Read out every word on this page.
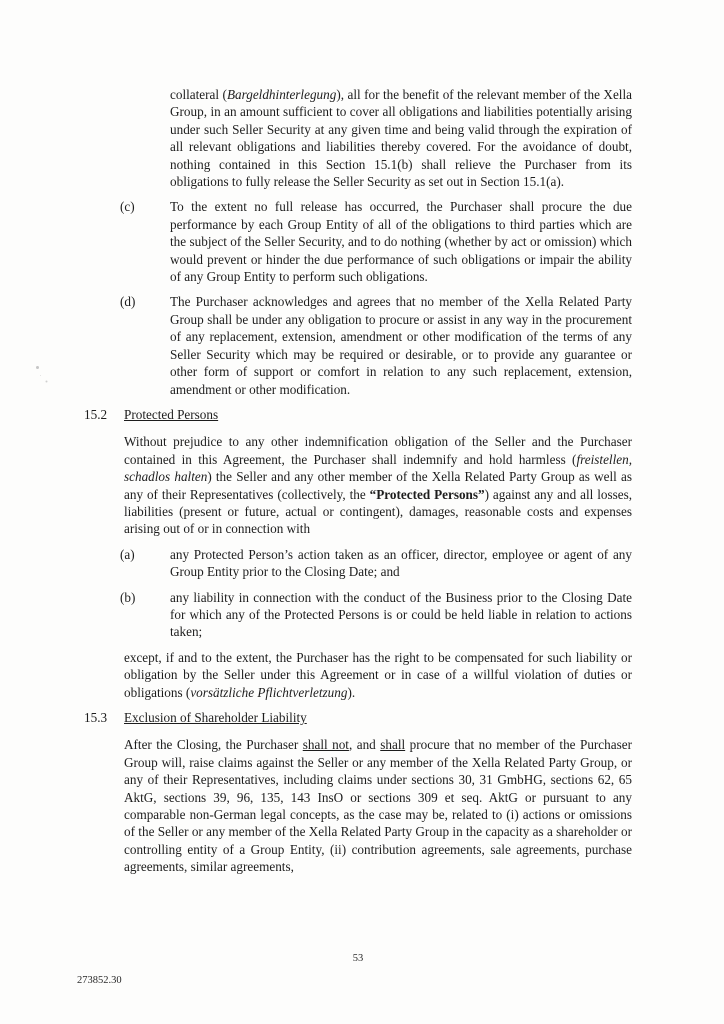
collateral (Bargeldhinterlegung), all for the benefit of the relevant member of the Xella Group, in an amount sufficient to cover all obligations and liabilities potentially arising under such Seller Security at any given time and being valid through the expiration of all relevant obligations and liabilities thereby covered. For the avoidance of doubt, nothing contained in this Section 15.1(b) shall relieve the Purchaser from its obligations to fully release the Seller Security as set out in Section 15.1(a).

(c)	To the extent no full release has occurred, the Purchaser shall procure the due performance by each Group Entity of all of the obligations to third parties which are the subject of the Seller Security, and to do nothing (whether by act or omission) which would prevent or hinder the due performance of such obligations or impair the ability of any Group Entity to perform such obligations.
(d)	The Purchaser acknowledges and agrees that no member of the Xella Related Party Group shall be under any obligation to procure or assist in any way in the procurement of any replacement, extension, amendment or other modification of the terms of any Seller Security which may be required or desirable, or to provide any guarantee or other form of support or comfort in relation to any such replacement, extension, amendment or other modification.
15.2	Protected Persons

Without prejudice to any other indemnification obligation of the Seller and the Purchaser contained in this Agreement, the Purchaser shall indemnify and hold harmless (freistellen, schadlos halten) the Seller and any other member of the Xella Related Party Group as well as any of their Representatives (collectively, the “Protected Persons”) against any and all losses, liabilities (present or future, actual or contingent), damages, reasonable costs and expenses arising out of or in connection with

(a)	any Protected Person’s action taken as an officer, director, employee or agent of any Group Entity prior to the Closing Date; and
(b)	any liability in connection with the conduct of the Business prior to the Closing Date for which any of the Protected Persons is or could be held liable in relation to actions taken;

except, if and to the extent, the Purchaser has the right to be compensated for such liability or obligation by the Seller under this Agreement or in case of a willful violation of duties or obligations (vorsätzliche Pflichtverletzung).

15.3	Exclusion of Shareholder Liability

After the Closing, the Purchaser shall not, and shall procure that no member of the Purchaser Group will, raise claims against the Seller or any member of the Xella Related Party Group, or any of their Representatives, including claims under sections 30, 31 GmbHG, sections 62, 65 AktG, sections 39, 96, 135, 143 InsO or sections 309 et seq. AktG or pursuant to any comparable non-German legal concepts, as the case may be, related to (i) actions or omissions of the Seller or any member of the Xella Related Party Group in the capacity as a shareholder or controlling entity of a Group Entity, (ii) contribution agreements, sale agreements, purchase agreements, similar agreements,

53
273852.30
